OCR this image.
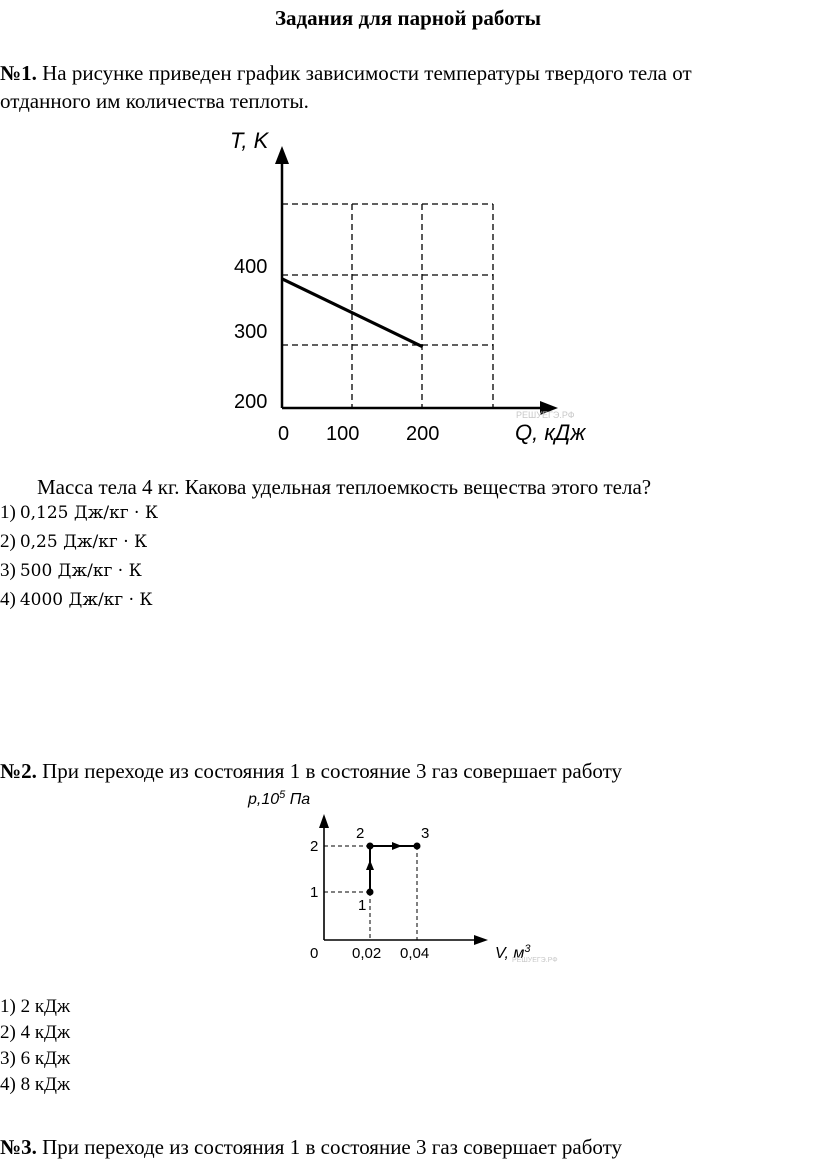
Задания для парной работы
№1. На рисунке приведен график зависимости температуры твердого тела от
отданного им количества теплоты.
T, K
400
300
200
0 100 200	Q, кДж
РЕШУЕГЭ.РФ
Масса тела 4 кг. Какова удельная теплоемкость вещества этого тела?
1) 0,125 Дж/кг · К
2) 0,25 Дж/кг · К
3) 500 Дж/кг · К
4) 4000 Дж/кг · К
№2. При переходе из состояния 1 в состояние 3 газ совершает работу
$p,10^5$ Па
2
1
0 0,02 0,04
1
2	3
V, $м^3$
РЕШУЕГЭ.РФ
1) 2 кДж
2) 4 кДж
3) 6 кДж
4) 8 кДж
№3. При переходе из состояния 1 в состояние 3 газ совершает работу
